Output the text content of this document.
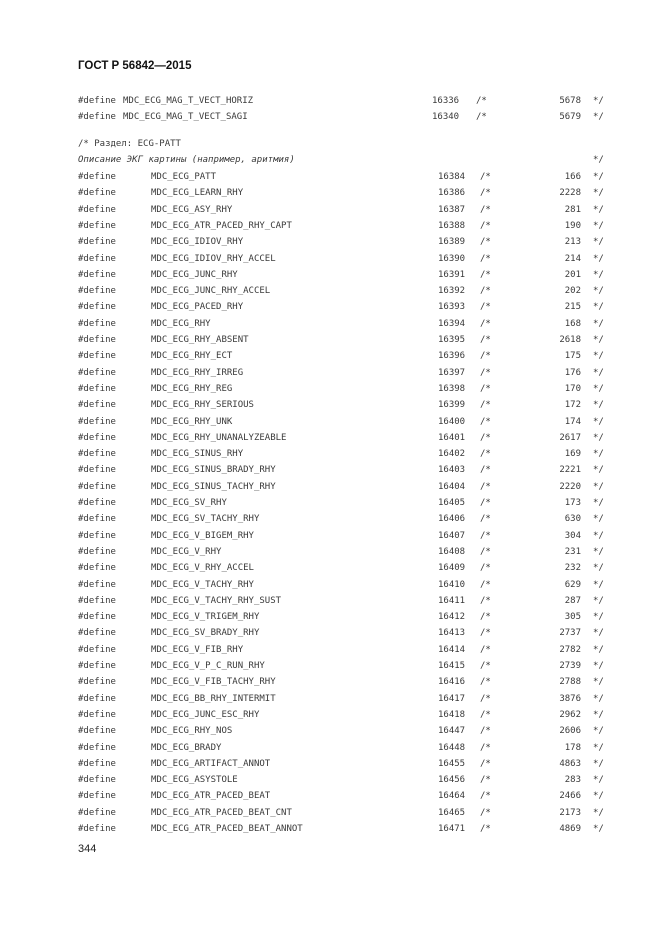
ГОСТ Р 56842—2015
#define MDC_ECG_MAG_T_VECT_HORIZ	16336 /*	5678 */
#define MDC_ECG_MAG_T_VECT_SAGI	16340 /*	5679 */
/* Раздел: ECG-PATT
Описание ЭКГ картины (например, аритмия)	*/
#define	MDC_ECG_PATT	16384 /*	166 */
#define	MDC_ECG_LEARN_RHY	16386 /*	2228 */
#define	MDC_ECG_ASY_RHY	16387 /*	281 */
#define	MDC_ECG_ATR_PACED_RHY_CAPT	16388 /*	190 */
#define	MDC_ECG_IDIOV_RHY	16389 /*	213 */
#define	MDC_ECG_IDIOV_RHY_ACCEL	16390 /*	214 */
#define	MDC_ECG_JUNC_RHY	16391 /*	201 */
#define	MDC_ECG_JUNC_RHY_ACCEL	16392 /*	202 */
#define	MDC_ECG_PACED_RHY	16393 /*	215 */
#define	MDC_ECG_RHY	16394 /*	168 */
#define	MDC_ECG_RHY_ABSENT	16395 /*	2618 */
#define	MDC_ECG_RHY_ECT	16396 /*	175 */
#define	MDC_ECG_RHY_IRREG	16397 /*	176 */
#define	MDC_ECG_RHY_REG	16398 /*	170 */
#define	MDC_ECG_RHY_SERIOUS	16399 /*	172 */
#define	MDC_ECG_RHY_UNK	16400 /*	174 */
#define	MDC_ECG_RHY_UNANALYZEABLE	16401 /*	2617 */
#define	MDC_ECG_SINUS_RHY	16402 /*	169 */
#define	MDC_ECG_SINUS_BRADY_RHY	16403 /*	2221 */
#define	MDC_ECG_SINUS_TACHY_RHY	16404 /*	2220 */
#define	MDC_ECG_SV_RHY	16405 /*	173 */
#define	MDC_ECG_SV_TACHY_RHY	16406 /*	630 */
#define	MDC_ECG_V_BIGEM_RHY	16407 /*	304 */
#define	MDC_ECG_V_RHY	16408 /*	231 */
#define	MDC_ECG_V_RHY_ACCEL	16409 /*	232 */
#define	MDC_ECG_V_TACHY_RHY	16410 /*	629 */
#define	MDC_ECG_V_TACHY_RHY_SUST	16411 /*	287 */
#define	MDC_ECG_V_TRIGEM_RHY	16412 /*	305 */
#define	MDC_ECG_SV_BRADY_RHY	16413 /*	2737 */
#define	MDC_ECG_V_FIB_RHY	16414 /*	2782 */
#define	MDC_ECG_V_P_C_RUN_RHY	16415 /*	2739 */
#define	MDC_ECG_V_FIB_TACHY_RHY	16416 /*	2788 */
#define	MDC_ECG_BB_RHY_INTERMIT	16417 /*	3876 */
#define	MDC_ECG_JUNC_ESC_RHY	16418 /*	2962 */
#define	MDC_ECG_RHY_NOS	16447 /*	2606 */
#define	MDC_ECG_BRADY	16448 /*	178 */
#define	MDC_ECG_ARTIFACT_ANNOT	16455 /*	4863 */
#define	MDC_ECG_ASYSTOLE	16456 /*	283 */
#define	MDC_ECG_ATR_PACED_BEAT	16464 /*	2466 */
#define	MDC_ECG_ATR_PACED_BEAT_CNT	16465 /*	2173 */
#define	MDC_ECG_ATR_PACED_BEAT_ANNOT	16471 /*	4869 */
344
